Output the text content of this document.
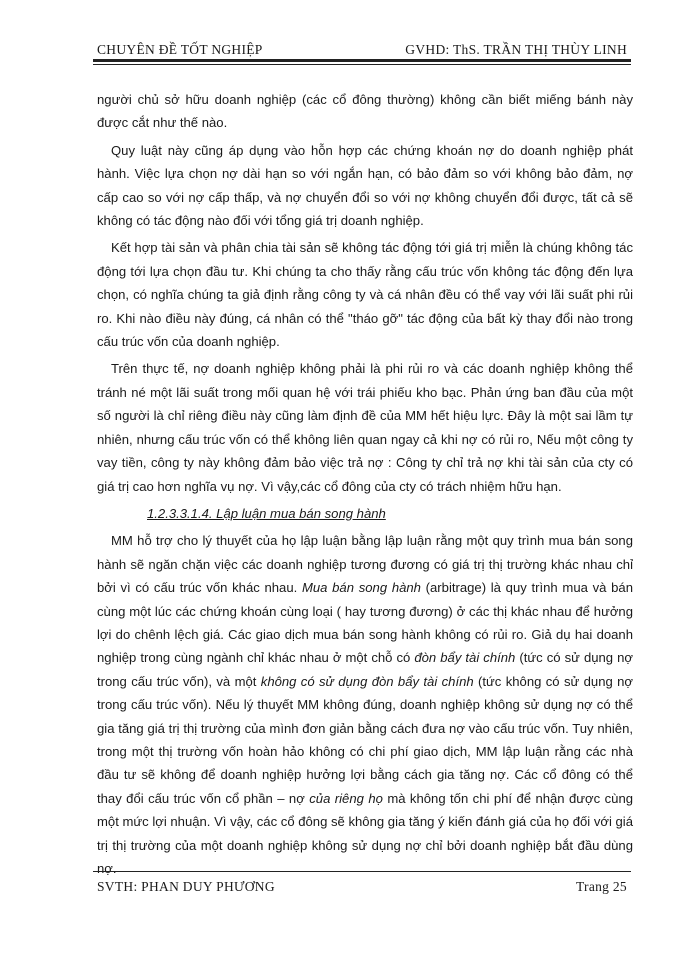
CHUYÊN ĐỀ TỐT NGHIỆP	GVHD: ThS. TRẦN THỊ THÙY LINH

người chủ sở hữu doanh nghiệp (các cổ đông thường) không cần biết miếng bánh này được cắt như thế nào.

Quy luật này cũng áp dụng vào hỗn hợp các chứng khoán nợ do doanh nghiệp phát hành. Việc lựa chọn nợ dài hạn so với ngắn hạn, có bảo đảm so với không bảo đảm, nợ cấp cao so với nợ cấp thấp, và nợ chuyển đổi so với nợ không chuyển đổi được, tất cả sẽ không có tác động nào đối với tổng giá trị doanh nghiệp.

Kết hợp tài sản và phân chia tài sản sẽ không tác động tới giá trị miễn là chúng không tác động tới lựa chọn đầu tư. Khi chúng ta cho thấy rằng cấu trúc vốn không tác động đến lựa chọn, có nghĩa chúng ta giả định rằng công ty và cá nhân đều có thể vay với lãi suất phi rủi ro. Khi nào điều này đúng, cá nhân có thể "tháo gỡ" tác động của bất kỳ thay đổi nào trong cấu trúc vốn của doanh nghiệp.

Trên thực tế, nợ doanh nghiệp không phải là phi rủi ro và các doanh nghiệp không thể tránh né một lãi suất trong mối quan hệ với trái phiếu kho bạc. Phản ứng ban đầu của một số người là chỉ riêng điều này cũng làm định đề của MM hết hiệu lực. Đây là một sai lầm tự nhiên, nhưng cấu trúc vốn có thể không liên quan ngay cả khi nợ có rủi ro, Nếu một công ty vay tiền, công ty này không đảm bảo việc trả nợ : Công ty chỉ trả nợ khi tài sản của cty có giá trị cao hơn nghĩa vụ nợ. Vì vậy,các cổ đông của cty có trách nhiệm hữu hạn.

1.2.3.3.1.4. Lập luận mua bán song hành

MM hỗ trợ cho lý thuyết của họ lập luận bằng lập luận rằng một quy trình mua bán song hành sẽ ngăn chặn việc các doanh nghiệp tương đương có giá trị thị trường khác nhau chỉ bởi vì có cấu trúc vốn khác nhau. Mua bán song hành (arbitrage) là quy trình mua và bán cùng một lúc các chứng khoán cùng loại ( hay tương đương) ở các thị khác nhau để hưởng lợi do chênh lệch giá. Các giao dịch mua bán song hành không có rủi ro. Giả dụ hai doanh nghiệp trong cùng ngành chỉ khác nhau ở một chỗ có đòn bẩy tài chính (tức có sử dụng nợ trong cấu trúc vốn), và một không có sử dụng đòn bẩy tài chính (tức không có sử dụng nợ trong cấu trúc vốn). Nếu lý thuyết MM không đúng, doanh nghiệp không sử dụng nợ có thể gia tăng giá trị thị trường của mình đơn giản bằng cách đưa nợ vào cấu trúc vốn. Tuy nhiên, trong một thị trường vốn hoàn hảo không có chi phí giao dịch, MM lập luận rằng các nhà đầu tư sẽ không để doanh nghiệp hưởng lợi bằng cách gia tăng nợ. Các cổ đông có thể thay đổi cấu trúc vốn cổ phần – nợ của riêng họ mà không tốn chi phí để nhận được cùng một mức lợi nhuận. Vì vậy, các cổ đông sẽ không gia tăng ý kiến đánh giá của họ đối với giá trị thị trường của một doanh nghiệp không sử dụng nợ chỉ bởi doanh nghiệp bắt đầu dùng nợ.

SVTH: PHAN DUY PHƯƠNG	Trang 25
